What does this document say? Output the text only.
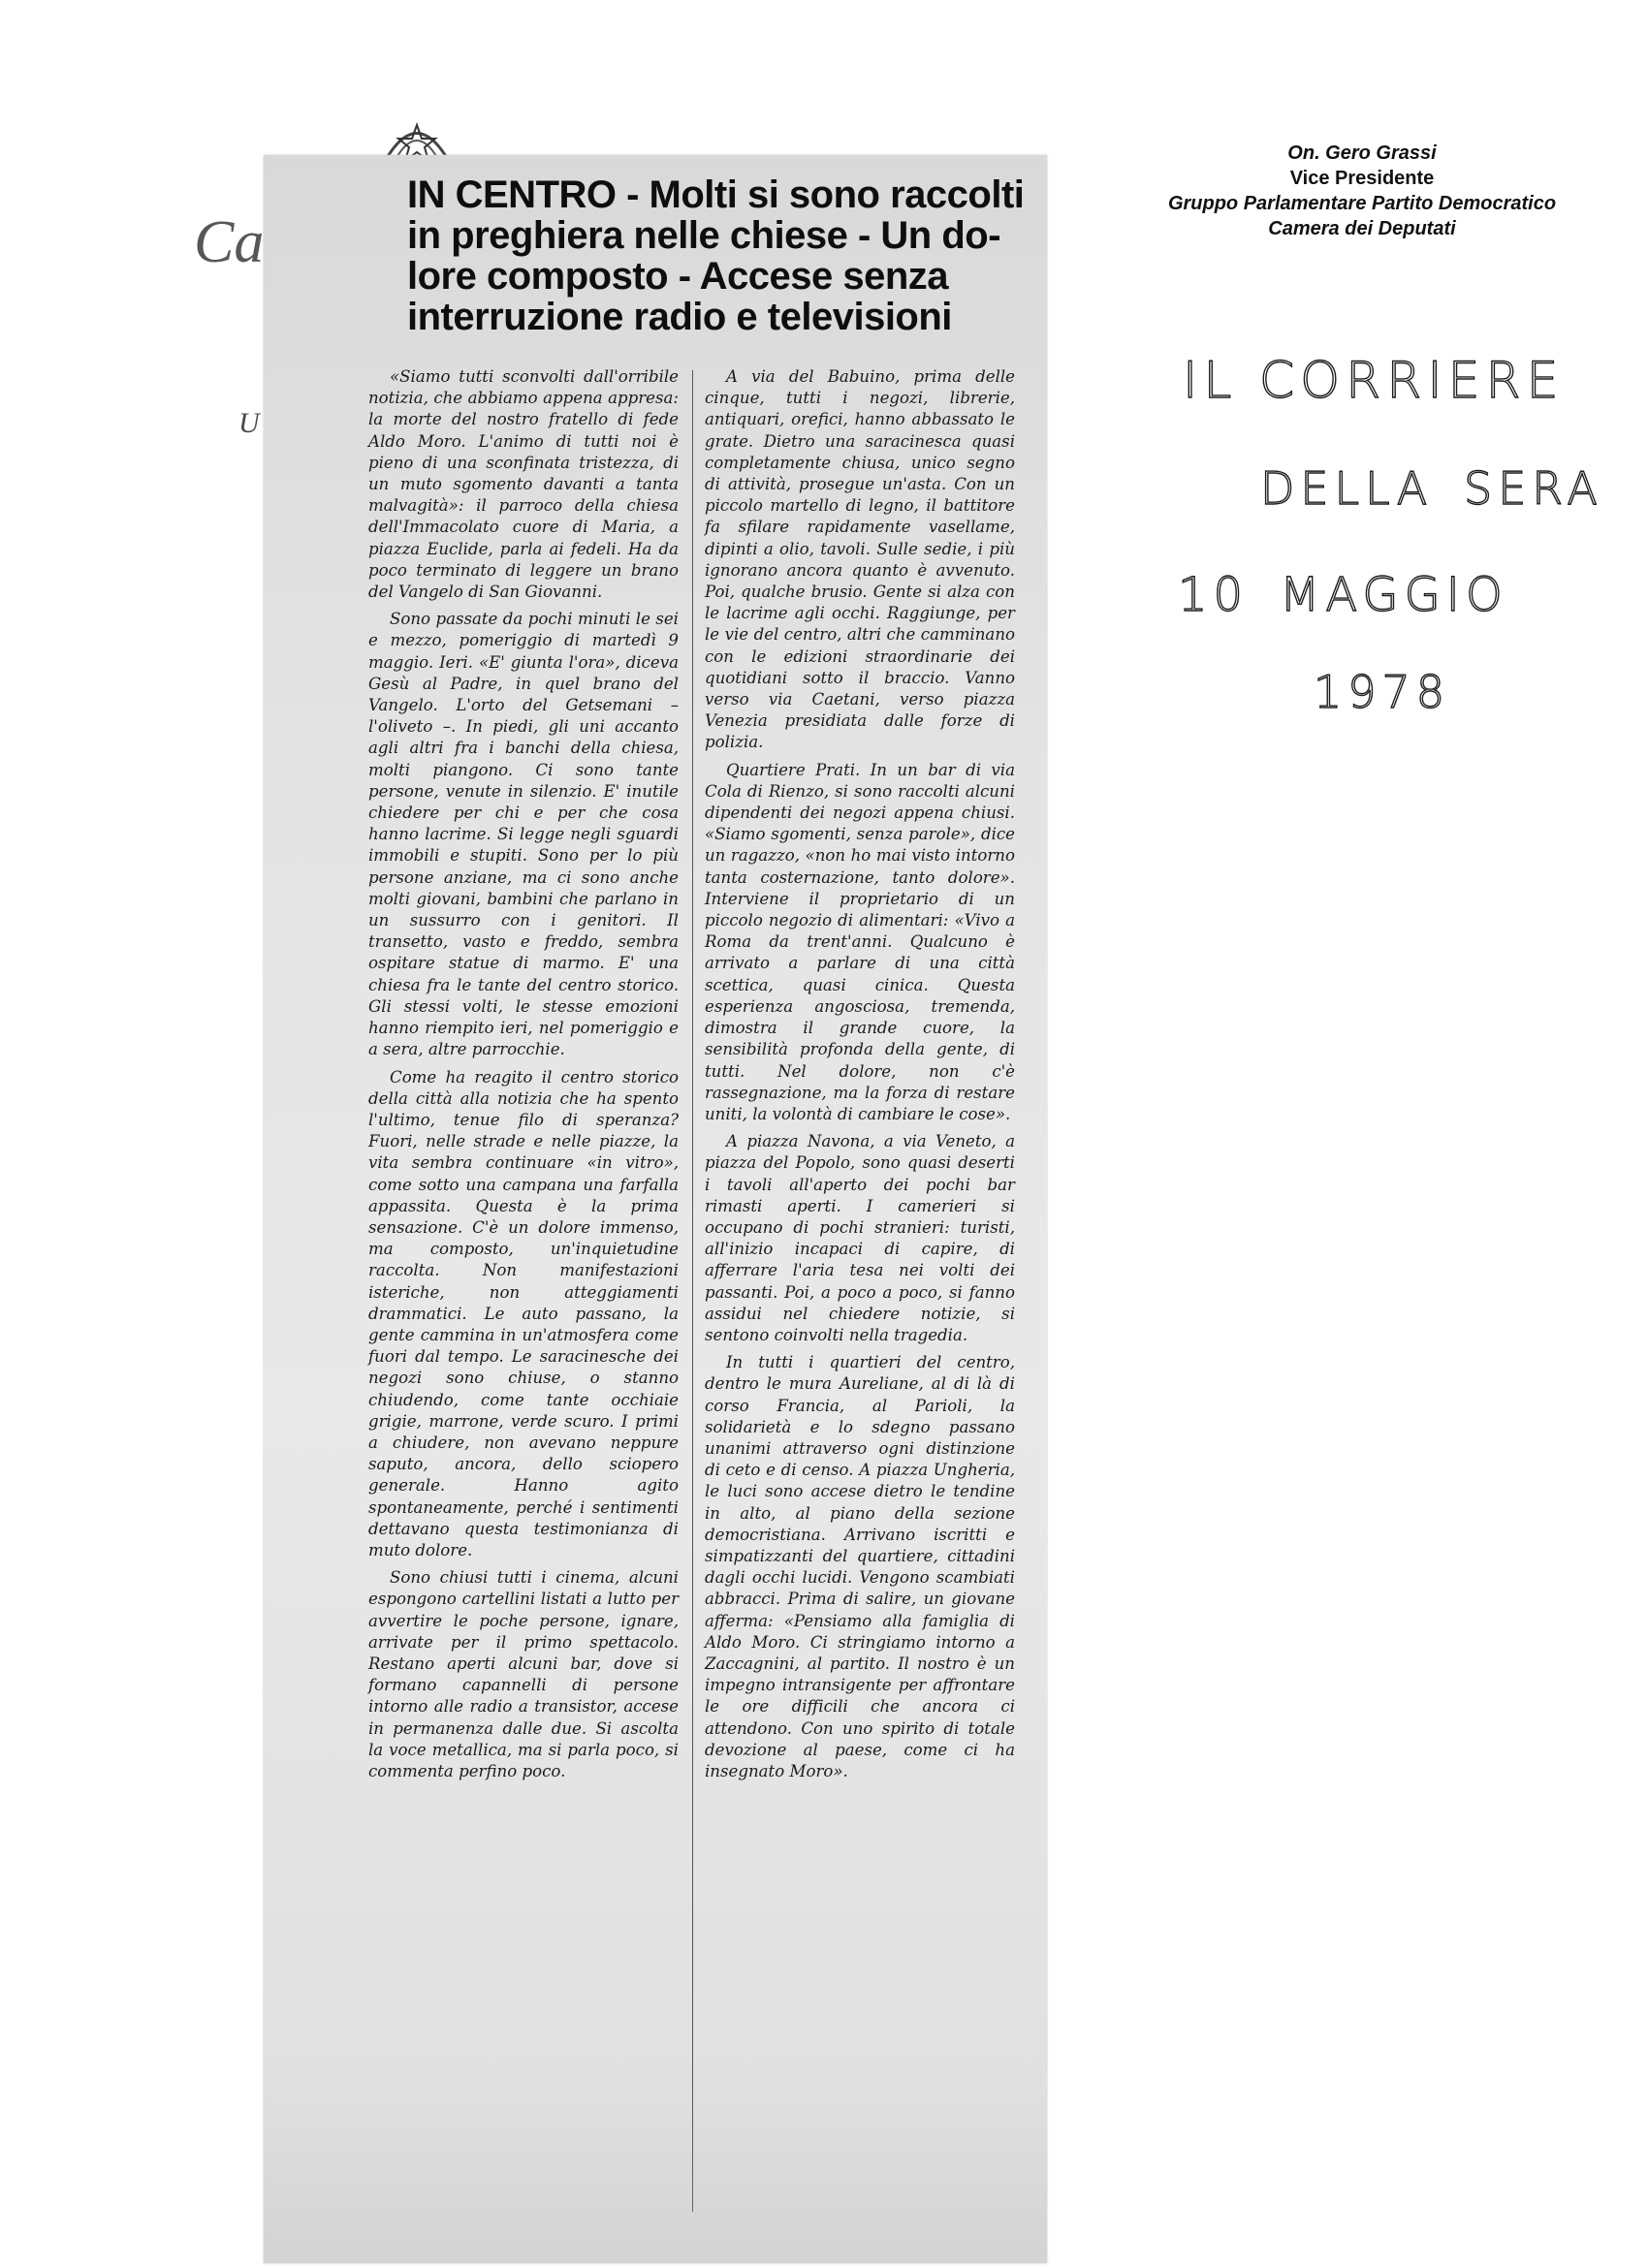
Ca
U
On. Gero Grassi
Vice Presidente
Gruppo Parlamentare Partito Democratico
Camera dei Deputati
IL CORRIERE
DELLA SERA
10 MAGGIO
1978
IN CENTRO - Molti si sono raccolti
in preghiera nelle chiese - Un do-
lore composto - Accese senza
interruzione radio e televisioni

«Siamo tutti sconvolti dall'orribile notizia, che abbiamo appena appresa: la morte del nostro fratello di fede Aldo Moro. L'animo di tutti noi è pieno di una sconfinata tristezza, di un muto sgomento davanti a tanta malvagità»: il parroco della chiesa dell'Immacolato cuore di Maria, a piazza Euclide, parla ai fedeli. Ha da poco terminato di leggere un brano del Vangelo di San Giovanni.

Sono passate da pochi minuti le sei e mezzo, pomeriggio di martedì 9 maggio. Ieri. «E' giunta l'ora», diceva Gesù al Padre, in quel brano del Vangelo. L'orto del Getsemani – l'oliveto –. In piedi, gli uni accanto agli altri fra i banchi della chiesa, molti piangono. Ci sono tante persone, venute in silenzio. E' inutile chiedere per chi e per che cosa hanno lacrime. Si legge negli sguardi immobili e stupiti. Sono per lo più persone anziane, ma ci sono anche molti giovani, bambini che parlano in un sussurro con i genitori. Il transetto, vasto e freddo, sembra ospitare statue di marmo. E' una chiesa fra le tante del centro storico. Gli stessi volti, le stesse emozioni hanno riempito ieri, nel pomeriggio e a sera, altre parrocchie.

Come ha reagito il centro storico della città alla notizia che ha spento l'ultimo, tenue filo di speranza? Fuori, nelle strade e nelle piazze, la vita sembra continuare «in vitro», come sotto una campana una farfalla appassita. Questa è la prima sensazione. C'è un dolore immenso, ma composto, un'inquietudine raccolta. Non manifestazioni isteriche, non atteggiamenti drammatici. Le auto passano, la gente cammina in un'atmosfera come fuori dal tempo. Le saracinesche dei negozi sono chiuse, o stanno chiudendo, come tante occhiaie grigie, marrone, verde scuro. I primi a chiudere, non avevano neppure saputo, ancora, dello sciopero generale. Hanno agito spontaneamente, perché i sentimenti dettavano questa testimonianza di muto dolore.

Sono chiusi tutti i cinema, alcuni espongono cartellini listati a lutto per avvertire le poche persone, ignare, arrivate per il primo spettacolo. Restano aperti alcuni bar, dove si formano capannelli di persone intorno alle radio a transistor, accese in permanenza dalle due. Si ascolta la voce metallica, ma si parla poco, si commenta perfino poco.

A via del Babuino, prima delle cinque, tutti i negozi, librerie, antiquari, orefici, hanno abbassato le grate. Dietro una saracinesca quasi completamente chiusa, unico segno di attività, prosegue un'asta. Con un piccolo martello di legno, il battitore fa sfilare rapidamente vasellame, dipinti a olio, tavoli. Sulle sedie, i più ignorano ancora quanto è avvenuto. Poi, qualche brusio. Gente si alza con le lacrime agli occhi. Raggiunge, per le vie del centro, altri che camminano con le edizioni straordinarie dei quotidiani sotto il braccio. Vanno verso via Caetani, verso piazza Venezia presidiata dalle forze di polizia.

Quartiere Prati. In un bar di via Cola di Rienzo, si sono raccolti alcuni dipendenti dei negozi appena chiusi. «Siamo sgomenti, senza parole», dice un ragazzo, «non ho mai visto intorno tanta costernazione, tanto dolore». Interviene il proprietario di un piccolo negozio di alimentari: «Vivo a Roma da trent'anni. Qualcuno è arrivato a parlare di una città scettica, quasi cinica. Questa esperienza angosciosa, tremenda, dimostra il grande cuore, la sensibilità profonda della gente, di tutti. Nel dolore, non c'è rassegnazione, ma la forza di restare uniti, la volontà di cambiare le cose».

A piazza Navona, a via Veneto, a piazza del Popolo, sono quasi deserti i tavoli all'aperto dei pochi bar rimasti aperti. I camerieri si occupano di pochi stranieri: turisti, all'inizio incapaci di capire, di afferrare l'aria tesa nei volti dei passanti. Poi, a poco a poco, si fanno assidui nel chiedere notizie, si sentono coinvolti nella tragedia.

In tutti i quartieri del centro, dentro le mura Aureliane, al di là di corso Francia, al Parioli, la solidarietà e lo sdegno passano unanimi attraverso ogni distinzione di ceto e di censo. A piazza Ungheria, le luci sono accese dietro le tendine in alto, al piano della sezione democristiana. Arrivano iscritti e simpatizzanti del quartiere, cittadini dagli occhi lucidi. Vengono scambiati abbracci. Prima di salire, un giovane afferma: «Pensiamo alla famiglia di Aldo Moro. Ci stringiamo intorno a Zaccagnini, al partito. Il nostro è un impegno intransigente per affrontare le ore difficili che ancora ci attendono. Con uno spirito di totale devozione al paese, come ci ha insegnato Moro».
